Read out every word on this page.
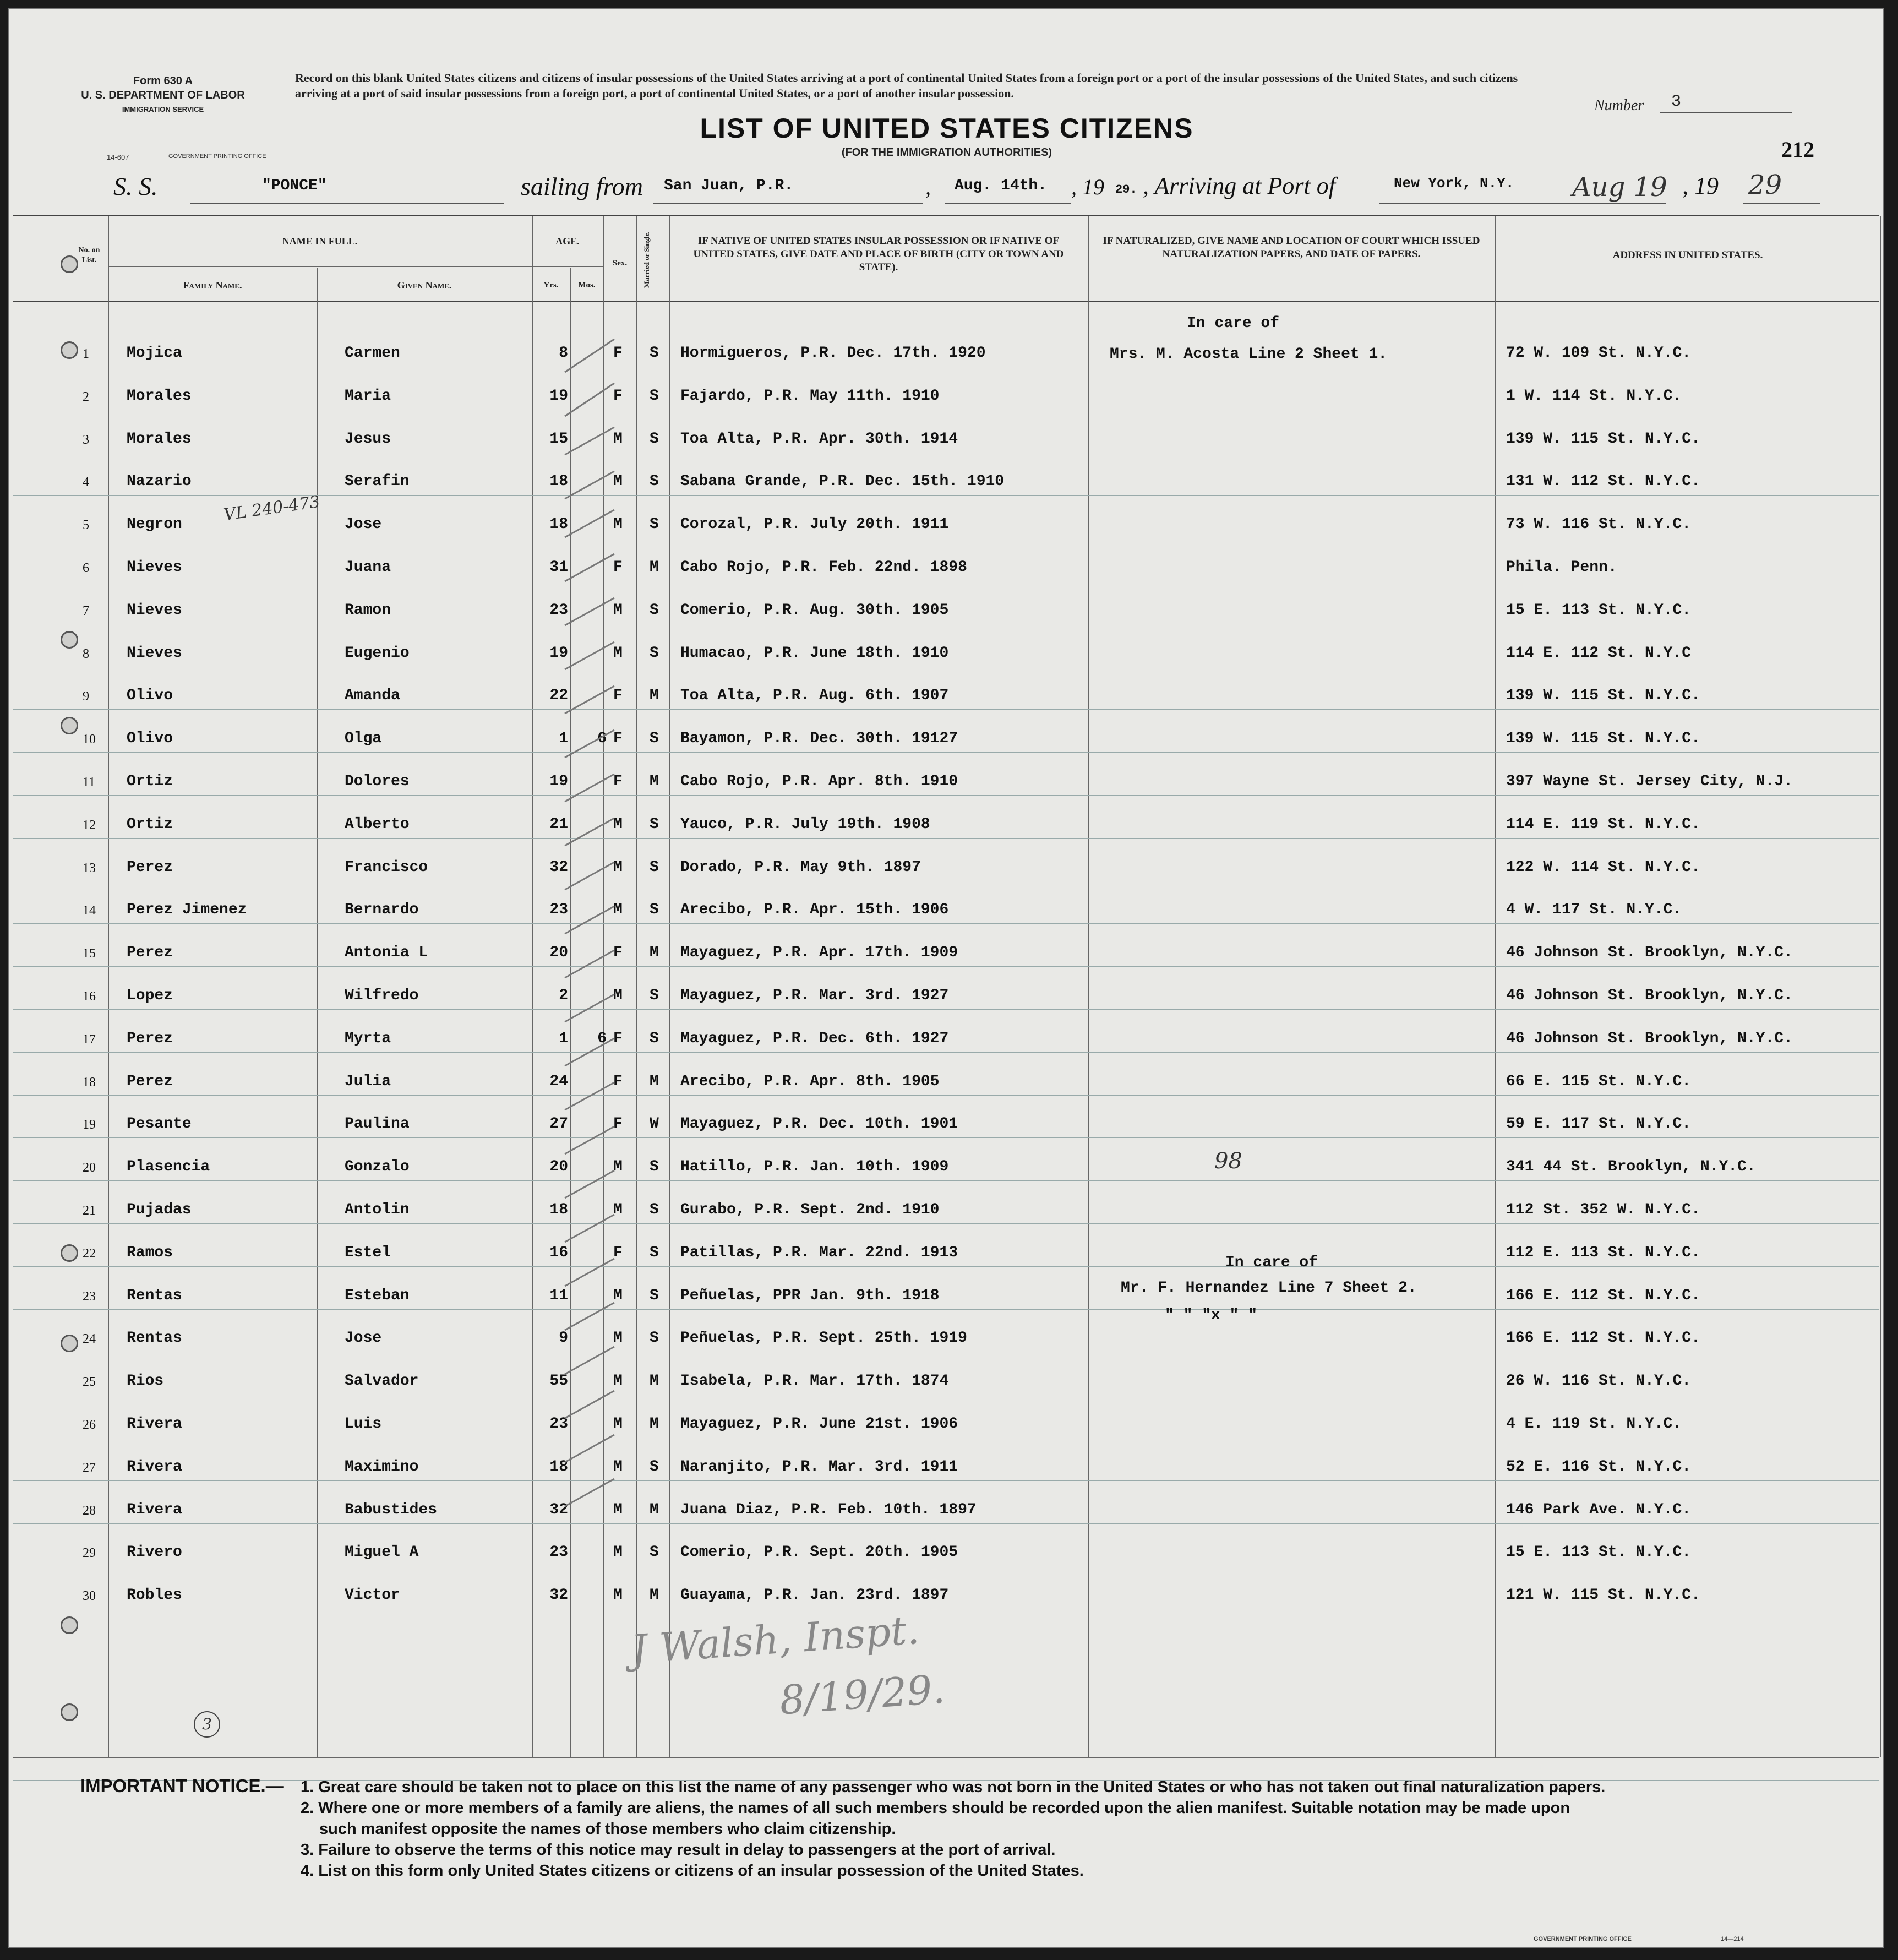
Form 630 A
U. S. DEPARTMENT OF LABOR
IMMIGRATION SERVICE
14-607	GOVERNMENT PRINTING OFFICE
Record on this blank United States citizens and citizens of insular possessions of the United States arriving at a port of continental United States from a foreign port or a port of the insular possessions of the United States, and such citizens arriving at a port of said insular possessions from a foreign port, a port of continental United States, or a port of another insular possession.
Number 3
LIST OF UNITED STATES CITIZENS
(FOR THE IMMIGRATION AUTHORITIES)	212
S. S.	"PONCE"	sailing from San Juan, P.R.	, Aug. 14th. , 19 29. , Arriving at Port of	New York, N.Y. Aug 19 , 19 29
No. on List.
NAME IN FULL.
Family Name.	Given Name.
AGE.
Yrs.	Mos.
Sex.	Married or Single.	IF NATIVE OF UNITED STATES INSULAR POSSESSION OR IF NATIVE OF UNITED STATES, GIVE DATE AND PLACE OF BIRTH (CITY OR TOWN AND STATE).
IF NATURALIZED, GIVE NAME AND LOCATION OF COURT WHICH ISSUED NATURALIZATION PAPERS, AND DATE OF PAPERS.	ADDRESS IN UNITED STATES.
1 Mojica	Carmen	8	F S Hormigueros, P.R. Dec. 17th. 1920	72 W. 109 St. N.Y.C.
2 Morales	Maria	19	F S Fajardo, P.R. May 11th. 1910	1 W. 114 St. N.Y.C.
3 Morales	Jesus	15	M S Toa Alta, P.R. Apr. 30th. 1914	139 W. 115 St. N.Y.C.
4 Nazario	Serafin	18	M S Sabana Grande, P.R. Dec. 15th. 1910	131 W. 112 St. N.Y.C.
5 Negron	Jose	18	M S Corozal, P.R. July 20th. 1911	73 W. 116 St. N.Y.C.
6 Nieves	Juana	31	F M Cabo Rojo, P.R. Feb. 22nd. 1898	Phila. Penn.
7 Nieves	Ramon	23	M S Comerio, P.R. Aug. 30th. 1905	15 E. 113 St. N.Y.C.
8 Nieves	Eugenio	19	M S Humacao, P.R. June 18th. 1910	114 E. 112 St. N.Y.C
9 Olivo	Amanda	22	F M Toa Alta, P.R. Aug. 6th. 1907	139 W. 115 St. N.Y.C.
10 Olivo	Olga	1	6 F S Bayamon, P.R. Dec. 30th. 19127	139 W. 115 St. N.Y.C.
11 Ortiz	Dolores	19	F M Cabo Rojo, P.R. Apr. 8th. 1910	397 Wayne St. Jersey City, N.J.
12 Ortiz	Alberto	21	M S Yauco, P.R. July 19th. 1908	114 E. 119 St. N.Y.C.
13 Perez	Francisco	32	M S Dorado, P.R. May 9th. 1897	122 W. 114 St. N.Y.C.
14 Perez Jimenez	Bernardo	23	M S Arecibo, P.R. Apr. 15th. 1906	4 W. 117 St. N.Y.C.
15 Perez	Antonia L	20	F M Mayaguez, P.R. Apr. 17th. 1909	46 Johnson St. Brooklyn, N.Y.C.
16 Lopez	Wilfredo	2	M S Mayaguez, P.R. Mar. 3rd. 1927	46 Johnson St. Brooklyn, N.Y.C.
17 Perez	Myrta	1	6 F S Mayaguez, P.R. Dec. 6th. 1927	46 Johnson St. Brooklyn, N.Y.C.
18 Perez	Julia	24	F M Arecibo, P.R. Apr. 8th. 1905	66 E. 115 St. N.Y.C.
19 Pesante	Paulina	27	F W Mayaguez, P.R. Dec. 10th. 1901	59 E. 117 St. N.Y.C.
20 Plasencia	Gonzalo	20	M S Hatillo, P.R. Jan. 10th. 1909	341 44 St. Brooklyn, N.Y.C.
21 Pujadas	Antolin	18	M S Gurabo, P.R. Sept. 2nd. 1910	112 St. 352 W. N.Y.C.
22 Ramos	Estel	16	F S Patillas, P.R. Mar. 22nd. 1913	112 E. 113 St. N.Y.C.
23 Rentas	Esteban	11	M S Peñuelas, PPR Jan. 9th. 1918	166 E. 112 St. N.Y.C.
24 Rentas	Jose	9	M S Peñuelas, P.R. Sept. 25th. 1919	166 E. 112 St. N.Y.C.
25 Rios	Salvador	55	M M Isabela, P.R. Mar. 17th. 1874	26 W. 116 St. N.Y.C.
26 Rivera	Luis	23	M M Mayaguez, P.R. June 21st. 1906	4 E. 119 St. N.Y.C.
27 Rivera	Maximino	18	M S Naranjito, P.R. Mar. 3rd. 1911	52 E. 116 St. N.Y.C.
28 Rivera	Babustides	32	M M Juana Diaz, P.R. Feb. 10th. 1897	146 Park Ave. N.Y.C.
29 Rivero	Miguel A	23	M S Comerio, P.R. Sept. 20th. 1905	15 E. 113 St. N.Y.C.
30 Robles	Victor	32	M M Guayama, P.R. Jan. 23rd. 1897	121 W. 115 St. N.Y.C.
In care of
Mrs. M. Acosta Line 2 Sheet 1.
In care of
Mr. F. Hernandez Line 7 Sheet 2.
" " "x " "
VL 240-473
98
J Walsh, Inspt.
8/19/29.
3
IMPORTANT NOTICE.— 1. Great care should be taken not to place on this list the name of any passenger who was not born in the United States or who has not taken out final naturalization papers.
2. Where one or more members of a family are aliens, the names of all such members should be recorded upon the alien manifest. Suitable notation may be made upon
such manifest opposite the names of those members who claim citizenship.
3. Failure to observe the terms of this notice may result in delay to passengers at the port of arrival.
4. List on this form only United States citizens or citizens of an insular possession of the United States.
GOVERNMENT PRINTING OFFICE	14—214
